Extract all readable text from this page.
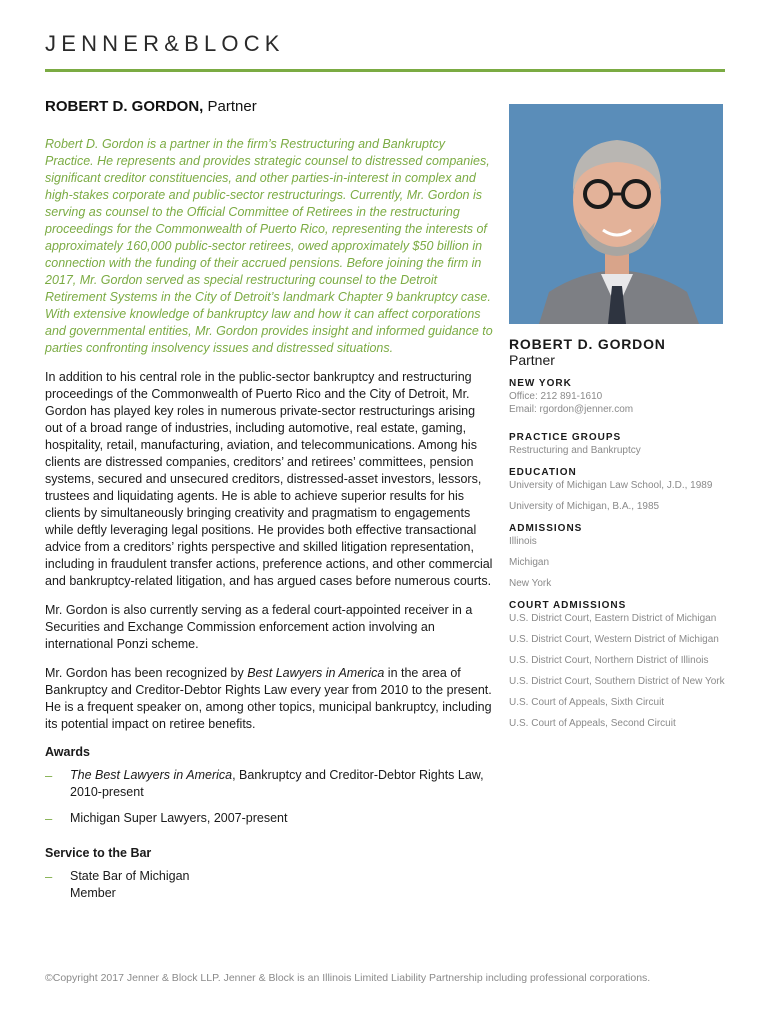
JENNER&BLOCK
ROBERT D. GORDON, Partner
Robert D. Gordon is a partner in the firm’s Restructuring and Bankruptcy Practice. He represents and provides strategic counsel to distressed companies, significant creditor constituencies, and other parties-in-interest in complex and high-stakes corporate and public-sector restructurings. Currently, Mr. Gordon is serving as counsel to the Official Committee of Retirees in the restructuring proceedings for the Commonwealth of Puerto Rico, representing the interests of approximately 160,000 public-sector retirees, owed approximately $50 billion in connection with the funding of their accrued pensions. Before joining the firm in 2017, Mr. Gordon served as special restructuring counsel to the Detroit Retirement Systems in the City of Detroit’s landmark Chapter 9 bankruptcy case. With extensive knowledge of bankruptcy law and how it can affect corporations and governmental entities, Mr. Gordon provides insight and informed guidance to parties confronting insolvency issues and distressed situations.
In addition to his central role in the public-sector bankruptcy and restructuring proceedings of the Commonwealth of Puerto Rico and the City of Detroit, Mr. Gordon has played key roles in numerous private-sector restructurings arising out of a broad range of industries, including automotive, real estate, gaming, hospitality, retail, manufacturing, aviation, and telecommunications. Among his clients are distressed companies, creditors’ and retirees’ committees, pension systems, secured and unsecured creditors, distressed-asset investors, lessors, trustees and liquidating agents. He is able to achieve superior results for his clients by simultaneously bringing creativity and pragmatism to engagements while deftly leveraging legal positions. He provides both effective transactional advice from a creditors’ rights perspective and skilled litigation representation, including in fraudulent transfer actions, preference actions, and other commercial and bankruptcy-related litigation, and has argued cases before numerous courts.
Mr. Gordon is also currently serving as a federal court-appointed receiver in a Securities and Exchange Commission enforcement action involving an international Ponzi scheme.
Mr. Gordon has been recognized by Best Lawyers in America in the area of Bankruptcy and Creditor-Debtor Rights Law every year from 2010 to the present. He is a frequent speaker on, among other topics, municipal bankruptcy, including its potential impact on retiree benefits.
Awards
– The Best Lawyers in America, Bankruptcy and Creditor-Debtor Rights Law, 2010-present
– Michigan Super Lawyers, 2007-present
Service to the Bar
– State Bar of Michigan
Member
ROBERT D. GORDON
Partner
NEW YORK
Office: 212 891-1610
Email: rgordon@jenner.com
PRACTICE GROUPS
Restructuring and Bankruptcy
EDUCATION
University of Michigan Law School, J.D., 1989
University of Michigan, B.A., 1985
ADMISSIONS
Illinois
Michigan
New York
COURT ADMISSIONS
U.S. District Court, Eastern District of Michigan
U.S. District Court, Western District of Michigan
U.S. District Court, Northern District of Illinois
U.S. District Court, Southern District of New York
U.S. Court of Appeals, Sixth Circuit
U.S. Court of Appeals, Second Circuit
©Copyright 2017 Jenner & Block LLP. Jenner & Block is an Illinois Limited Liability Partnership including professional corporations.
